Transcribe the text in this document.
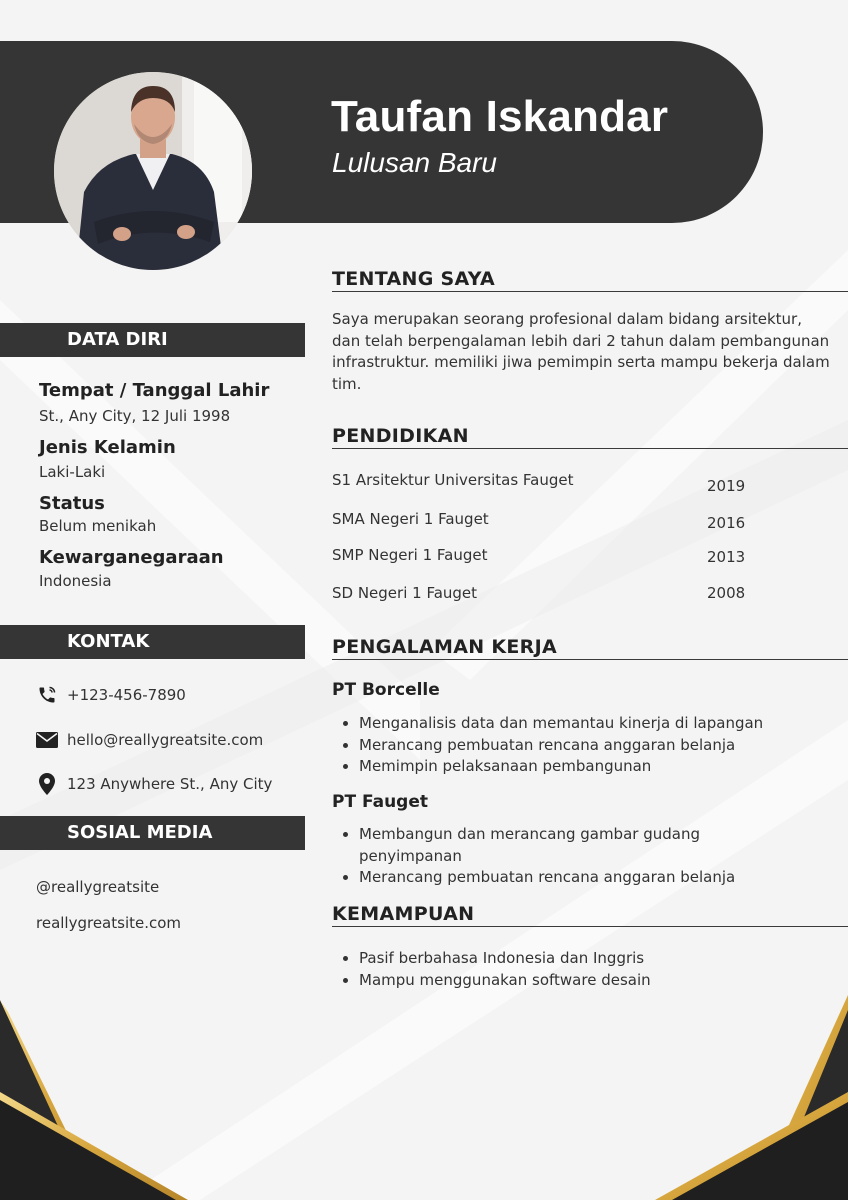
Taufan Iskandar
Lulusan Baru
DATA DIRI
Tempat / Tanggal Lahir
St., Any City, 12 Juli 1998
Jenis Kelamin
Laki-Laki
Status
Belum menikah
Kewarganegaraan
Indonesia
KONTAK
+123-456-7890
hello@reallygreatsite.com
123 Anywhere St., Any City
SOSIAL MEDIA
@reallygreatsite
reallygreatsite.com
TENTANG SAYA
Saya merupakan seorang profesional dalam bidang arsitektur, dan telah berpengalaman lebih dari 2 tahun dalam pembangunan infrastruktur. memiliki jiwa pemimpin serta mampu bekerja dalam tim.
PENDIDIKAN
S1 Arsitektur Universitas Fauget	2019
SMA Negeri 1 Fauget	2016
SMP Negeri 1 Fauget	2013
SD Negeri 1 Fauget	2008
PENGALAMAN KERJA
PT Borcelle
• Menganalisis data dan memantau kinerja di lapangan
• Merancang pembuatan rencana anggaran belanja
• Memimpin pelaksanaan pembangunan
PT Fauget
• Membangun dan merancang gambar gudang penyimpanan
• Merancang pembuatan rencana anggaran belanja
KEMAMPUAN
• Pasif berbahasa Indonesia dan Inggris
• Mampu menggunakan software desain
